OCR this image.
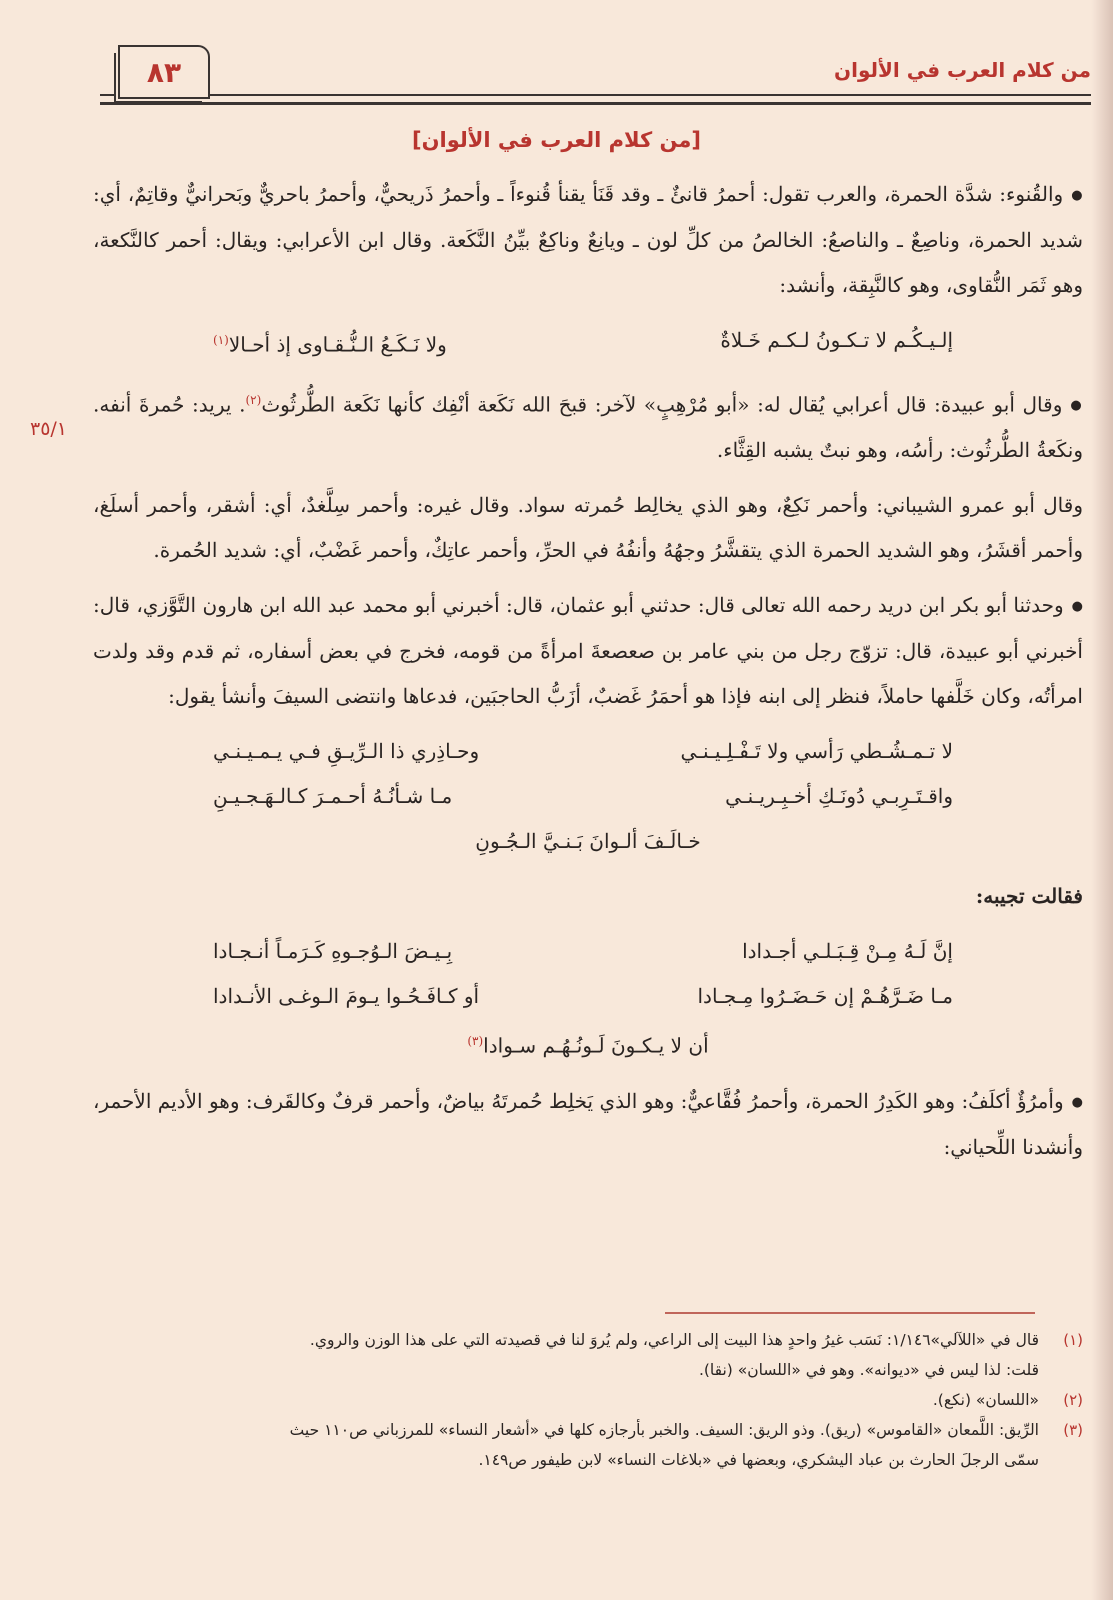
من كلام العرب في الألوان
٨٣
[من كلام العرب في الألوان]
٣٥/١

● والقُنوء: شدَّة الحمرة، والعرب تقول: أحمرُ قانئٌ ـ وقد قَنَأ يقنأ قُنوءاً ـ وأحمرُ ذَريحيٌّ، وأحمرُ باحريٌّ وبَحرانيٌّ وقاتِمٌ، أي: شديد الحمرة، وناصِعٌ ـ والناصعُ: الخالصُ من كلِّ لون ـ ويانِعٌ وناكِعٌ بيِّنُ النَّكَعة. وقال ابن الأعرابي: ويقال: أحمر كالنَّكعة، وهو ثَمَر النُّقاوى، وهو كالنَّبِقة، وأنشد:

إلـيـكُـم لا تـكـونُ لـكـم خَـلاةٌ
ولا نَـكَـعُ الـنُّـقـاوى إذ أحـالا$^{(١)}$

● وقال أبو عبيدة: قال أعرابي يُقال له: «أبو مُرْهِبٍ» لآخر: قبحَ الله نَكَعة أنْفِك كأنها نَكَعة الطُّرثُوث$^{(٢)}$. يريد: حُمرةَ أنفه. ونكَعةُ الطُّرثُوث: رأسُه، وهو نبتٌ يشبه القِثَّاء.

وقال أبو عمرو الشيباني: وأحمر نَكِعٌ، وهو الذي يخالِط حُمرته سواد. وقال غيره: وأحمر سِلَّغدٌ، أي: أشقر، وأحمر أسلَغ، وأحمر أقشَرُ، وهو الشديد الحمرة الذي يتقشَّرُ وجهُهُ وأنفُهُ في الحرِّ، وأحمر عاتِكٌ، وأحمر غَضْبٌ، أي: شديد الحُمرة.

● وحدثنا أبو بكر ابن دريد رحمه الله تعالى قال: حدثني أبو عثمان، قال: أخبرني أبو محمد عبد الله ابن هارون التَّوَّزي، قال: أخبرني أبو عبيدة، قال: تزوّج رجل من بني عامر بن صعصعةَ امرأةً من قومه، فخرج في بعض أسفاره، ثم قدم وقد ولدت امرأتُه، وكان خَلَّفها حاملاً، فنظر إلى ابنه فإذا هو أحمَرُ غَضبٌ، أزَبُّ الحاجبَين، فدعاها وانتضى السيفَ وأنشأ يقول:

لا تـمـشُـطي رَأسي ولا تَـفْـلِـيـنـي
وحـاذِري ذا الـرِّيـقِ فـي يـمـيـنـي
واقـتَـرِبـي دُونَـكِ أخـبِـريـنـي
مـا شـأنُـهُ أحـمـرَ كـالـهَـجـيـنِ
خـالَـفَ ألـوانَ بَـنـيَّ الـجُـونِ

فقالت تجيبه:

إنَّ لَـهُ مِـنْ قِـبَـلـي أجـدادا
بِـيـضَ الـوُجـوهِ كَـرَمـاً أنـجـادا
مـا ضَـرَّهُـمْ إن حَـضَـرُوا مِـجـادا
أو كـافَـحُـوا يـومَ الـوغـى الأنـدادا
أن لا يـكـونَ لَـونُـهُـم سـوادا$^{(٣)}$

● وأمرُؤٌ أكلَفُ: وهو الكَدِرُ الحمرة، وأحمرُ فُقَّاعيٌّ: وهو الذي يَخلِط حُمرتَهُ بياضٌ، وأحمر قرفٌ وكالقَرف: وهو الأديم الأحمر، وأنشدنا اللِّحياني:

(١)
قال في «اللآلي»١/١٤٦: نَسَب غيرُ واحدٍ هذا البيت إلى الراعي، ولم يُروَ لنا في قصيدته التي على هذا الوزن والروي.
قلت: لذا ليس في «ديوانه». وهو في «اللسان» (نقا).
(٢)
«اللسان» (نكع).
(٣)
الرِّيق: اللَّمعان «القاموس» (ريق). وذو الريق: السيف. والخبر بأرجازه كلها في «أشعار النساء» للمرزباني ص١١٠ حيث
سمّى الرجلَ الحارث بن عباد اليشكري، وبعضها في «بلاغات النساء» لابن طيفور ص١٤٩.
